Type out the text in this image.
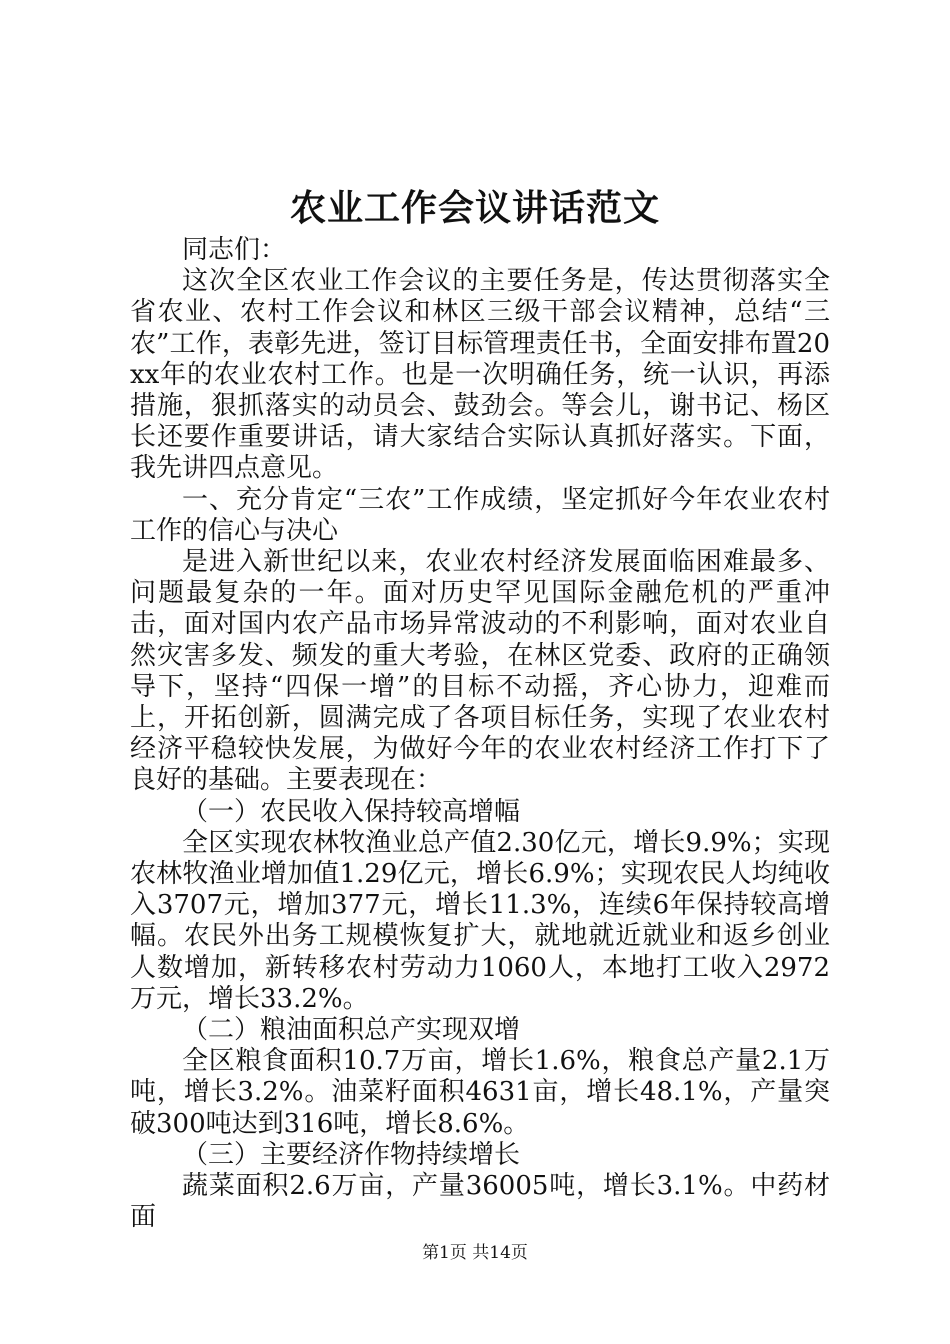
农业工作会议讲话范文

同志们：

这次全区农业工作会议的主要任务是，传达贯彻落实全省农业、农村工作会议和林区三级干部会议精神，总结“三农”工作，表彰先进，签订目标管理责任书，全面安排布置20xx年的农业农村工作。也是一次明确任务，统一认识，再添措施，狠抓落实的动员会、鼓劲会。等会儿，谢书记、杨区长还要作重要讲话，请大家结合实际认真抓好落实。下面，我先讲四点意见。

一、充分肯定“三农”工作成绩，坚定抓好今年农业农村工作的信心与决心

是进入新世纪以来，农业农村经济发展面临困难最多、问题最复杂的一年。面对历史罕见国际金融危机的严重冲击，面对国内农产品市场异常波动的不利影响，面对农业自然灾害多发、频发的重大考验，在林区党委、政府的正确领导下，坚持“四保一增”的目标不动摇，齐心协力，迎难而上，开拓创新，圆满完成了各项目标任务，实现了农业农村经济平稳较快发展，为做好今年的农业农村经济工作打下了良好的基础。主要表现在：

（一）农民收入保持较高增幅

全区实现农林牧渔业总产值2.30亿元，增长9.9%；实现农林牧渔业增加值1.29亿元，增长6.9%；实现农民人均纯收入3707元，增加377元，增长11.3%，连续6年保持较高增幅。农民外出务工规模恢复扩大，就地就近就业和返乡创业人数增加，新转移农村劳动力1060人，本地打工收入2972万元，增长33.2%。

（二）粮油面积总产实现双增

全区粮食面积10.7万亩，增长1.6%，粮食总产量2.1万吨，增长3.2%。油菜籽面积4631亩，增长48.1%，产量突破300吨达到316吨，增长8.6%。

（三）主要经济作物持续增长

蔬菜面积2.6万亩，产量36005吨，增长3.1%。中药材面

第1页 共14页
